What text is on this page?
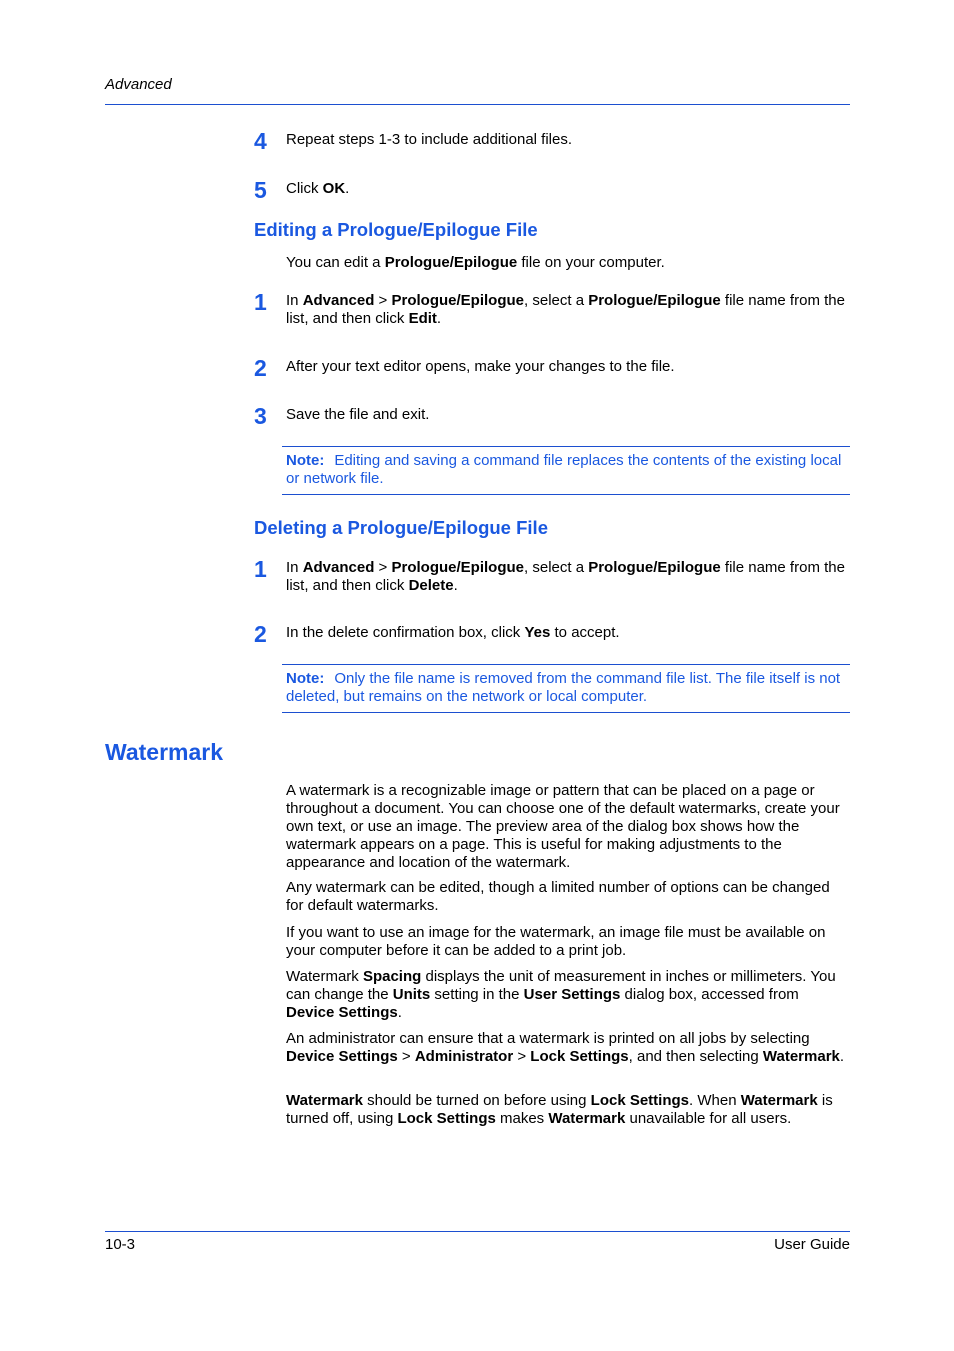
Advanced
4	Repeat steps 1-3 to include additional files.
5	Click OK.
Editing a Prologue/Epilogue File
You can edit a Prologue/Epilogue file on your computer.
1	In Advanced > Prologue/Epilogue, select a Prologue/Epilogue file name from the list, and then click Edit.
2	After your text editor opens, make your changes to the file.
3	Save the file and exit.
Note: Editing and saving a command file replaces the contents of the existing local or network file.
Deleting a Prologue/Epilogue File
1	In Advanced > Prologue/Epilogue, select a Prologue/Epilogue file name from the list, and then click Delete.
2	In the delete confirmation box, click Yes to accept.
Note: Only the file name is removed from the command file list. The file itself is not deleted, but remains on the network or local computer.
Watermark
A watermark is a recognizable image or pattern that can be placed on a page or throughout a document. You can choose one of the default watermarks, create your own text, or use an image. The preview area of the dialog box shows how the watermark appears on a page. This is useful for making adjustments to the appearance and location of the watermark.
Any watermark can be edited, though a limited number of options can be changed for default watermarks.
If you want to use an image for the watermark, an image file must be available on your computer before it can be added to a print job.
Watermark Spacing displays the unit of measurement in inches or millimeters. You can change the Units setting in the User Settings dialog box, accessed from Device Settings.
An administrator can ensure that a watermark is printed on all jobs by selecting Device Settings > Administrator > Lock Settings, and then selecting Watermark.
Watermark should be turned on before using Lock Settings. When Watermark is turned off, using Lock Settings makes Watermark unavailable for all users.
10-3	User Guide
